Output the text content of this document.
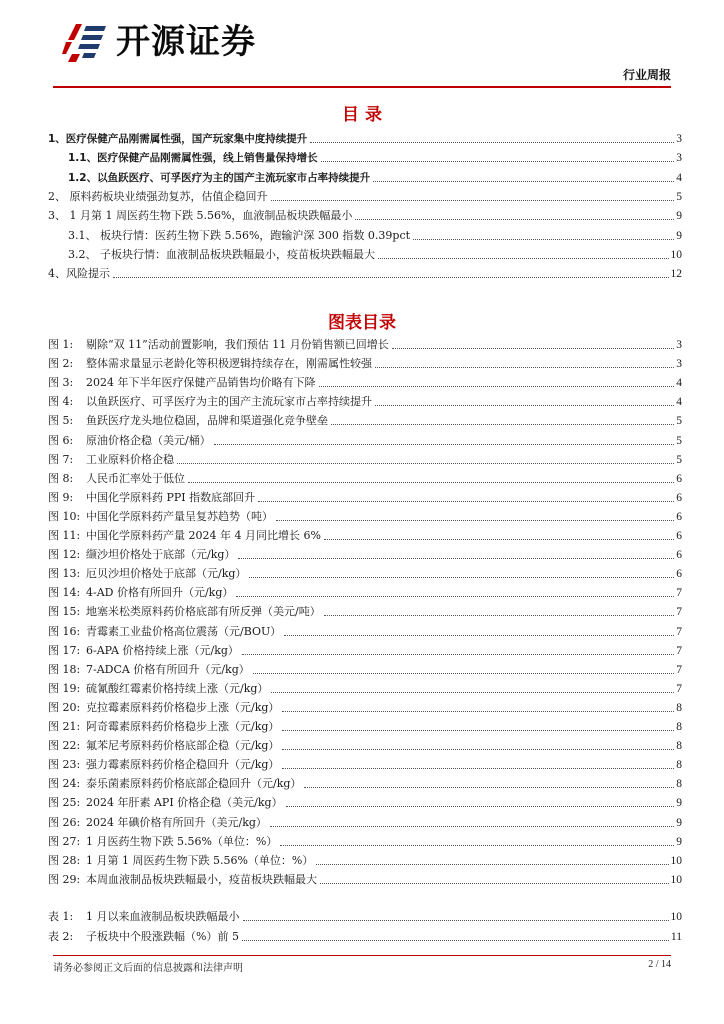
开源证券
行业周报
目 录
1、医疗保健产品刚需属性强，国产玩家集中度持续提升	3
1.1、医疗保健产品刚需属性强，线上销售量保持增长	3
1.2、以鱼跃医疗、可孚医疗为主的国产主流玩家市占率持续提升	4
2、 原料药板块业绩强劲复苏，估值企稳回升	5
3、 1 月第 1 周医药生物下跌 5.56%，血液制品板块跌幅最小	9
3.1、 板块行情：医药生物下跌 5.56%，跑输沪深 300 指数 0.39pct	9
3.2、 子板块行情：血液制品板块跌幅最小，疫苗板块跌幅最大	10
4、风险提示	12
图表目录
图 1: 剔除“双 11”活动前置影响，我们预估 11 月份销售额已回增长	3
图 2: 整体需求量显示老龄化等积极逻辑持续存在，刚需属性较强	3
图 3: 2024 年下半年医疗保健产品销售均价略有下降	4
图 4: 以鱼跃医疗、可孚医疗为主的国产主流玩家市占率持续提升	4
图 5: 鱼跃医疗龙头地位稳固，品牌和渠道强化竞争壁垒	5
图 6: 原油价格企稳（美元/桶）	5
图 7: 工业原料价格企稳	5
图 8: 人民币汇率处于低位	6
图 9: 中国化学原料药 PPI 指数底部回升	6
图 10: 中国化学原料药产量呈复苏趋势（吨）	6
图 11: 中国化学原料药产量 2024 年 4 月同比增长 6%	6
图 12: 缬沙坦价格处于底部（元/kg）	6
图 13: 厄贝沙坦价格处于底部（元/kg）	6
图 14: 4-AD 价格有所回升（元/kg）	7
图 15: 地塞米松类原料药价格底部有所反弹（美元/吨）	7
图 16: 青霉素工业盐价格高位震荡（元/BOU）	7
图 17: 6-APA 价格持续上涨（元/kg）	7
图 18: 7-ADCA 价格有所回升（元/kg）	7
图 19: 硫氰酸红霉素价格持续上涨（元/kg）	7
图 20: 克拉霉素原料药价格稳步上涨（元/kg）	8
图 21: 阿奇霉素原料药价格稳步上涨（元/kg）	8
图 22: 氟苯尼考原料药价格底部企稳（元/kg）	8
图 23: 强力霉素原料药价格企稳回升（元/kg）	8
图 24: 泰乐菌素原料药价格底部企稳回升（元/kg）	8
图 25: 2024 年肝素 API 价格企稳（美元/kg）	9
图 26: 2024 年碘价格有所回升（美元/kg）	9
图 27: 1 月医药生物下跌 5.56%（单位：%）	9
图 28: 1 月第 1 周医药生物下跌 5.56%（单位：%）	10
图 29: 本周血液制品板块跌幅最小，疫苗板块跌幅最大	10
表 1: 1 月以来血液制品板块跌幅最小	10
表 2: 子板块中个股涨跌幅（%）前 5	11
请务必参阅正文后面的信息披露和法律声明	2 / 14
